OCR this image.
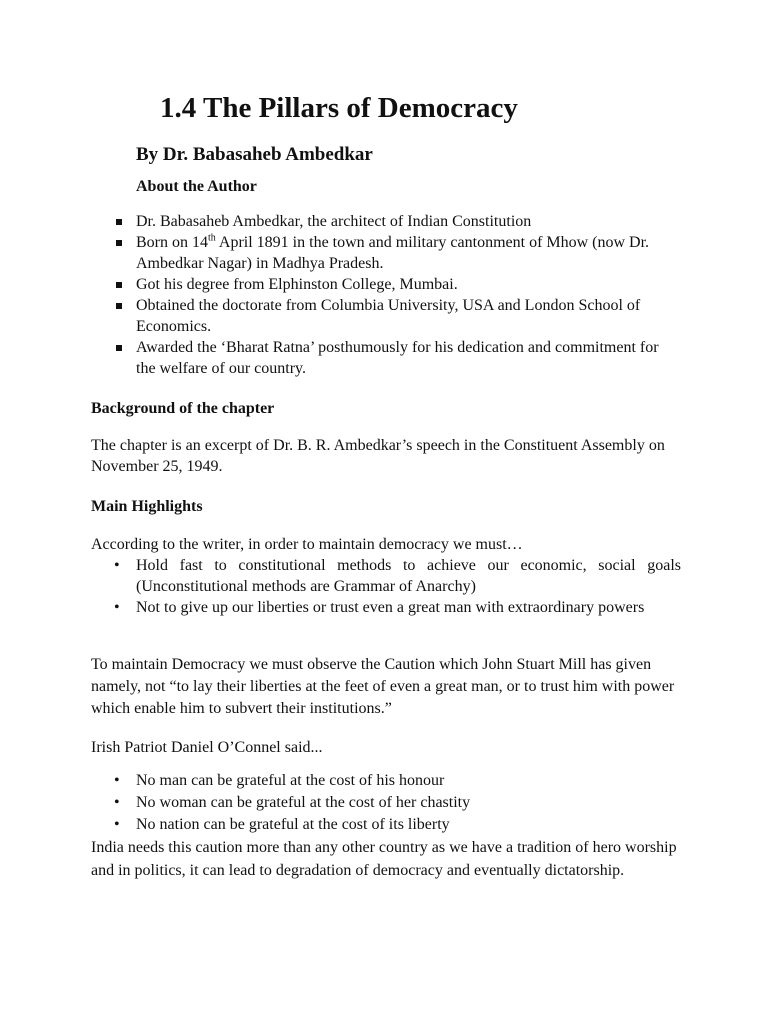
1.4 The Pillars of Democracy
By Dr. Babasaheb Ambedkar
About the Author
Dr. Babasaheb Ambedkar, the architect of Indian Constitution
Born on 14th April 1891 in the town and military cantonment of Mhow (now Dr. Ambedkar Nagar) in Madhya Pradesh.
Got his degree from Elphinston College, Mumbai.
Obtained the doctorate from Columbia University, USA and London School of Economics.
Awarded the ‘Bharat Ratna’ posthumously for his dedication and commitment for the welfare of our country.
Background of the chapter

The chapter is an excerpt of Dr. B. R. Ambedkar’s speech in the Constituent Assembly on November 25, 1949.

Main Highlights

According to the writer, in order to maintain democracy we must…

• Hold fast to constitutional methods to achieve our economic, social goals (Unconstitutional methods are Grammar of Anarchy)
• Not to give up our liberties or trust even a great man with extraordinary powers

To maintain Democracy we must observe the Caution which John Stuart Mill has given namely, not “to lay their liberties at the feet of even a great man, or to trust him with power which enable him to subvert their institutions.”

Irish Patriot Daniel O’Connel said...

• No man can be grateful at the cost of his honour
• No woman can be grateful at the cost of her chastity
• No nation can be grateful at the cost of its liberty

India needs this caution more than any other country as we have a tradition of hero worship and in politics, it can lead to degradation of democracy and eventually dictatorship.
